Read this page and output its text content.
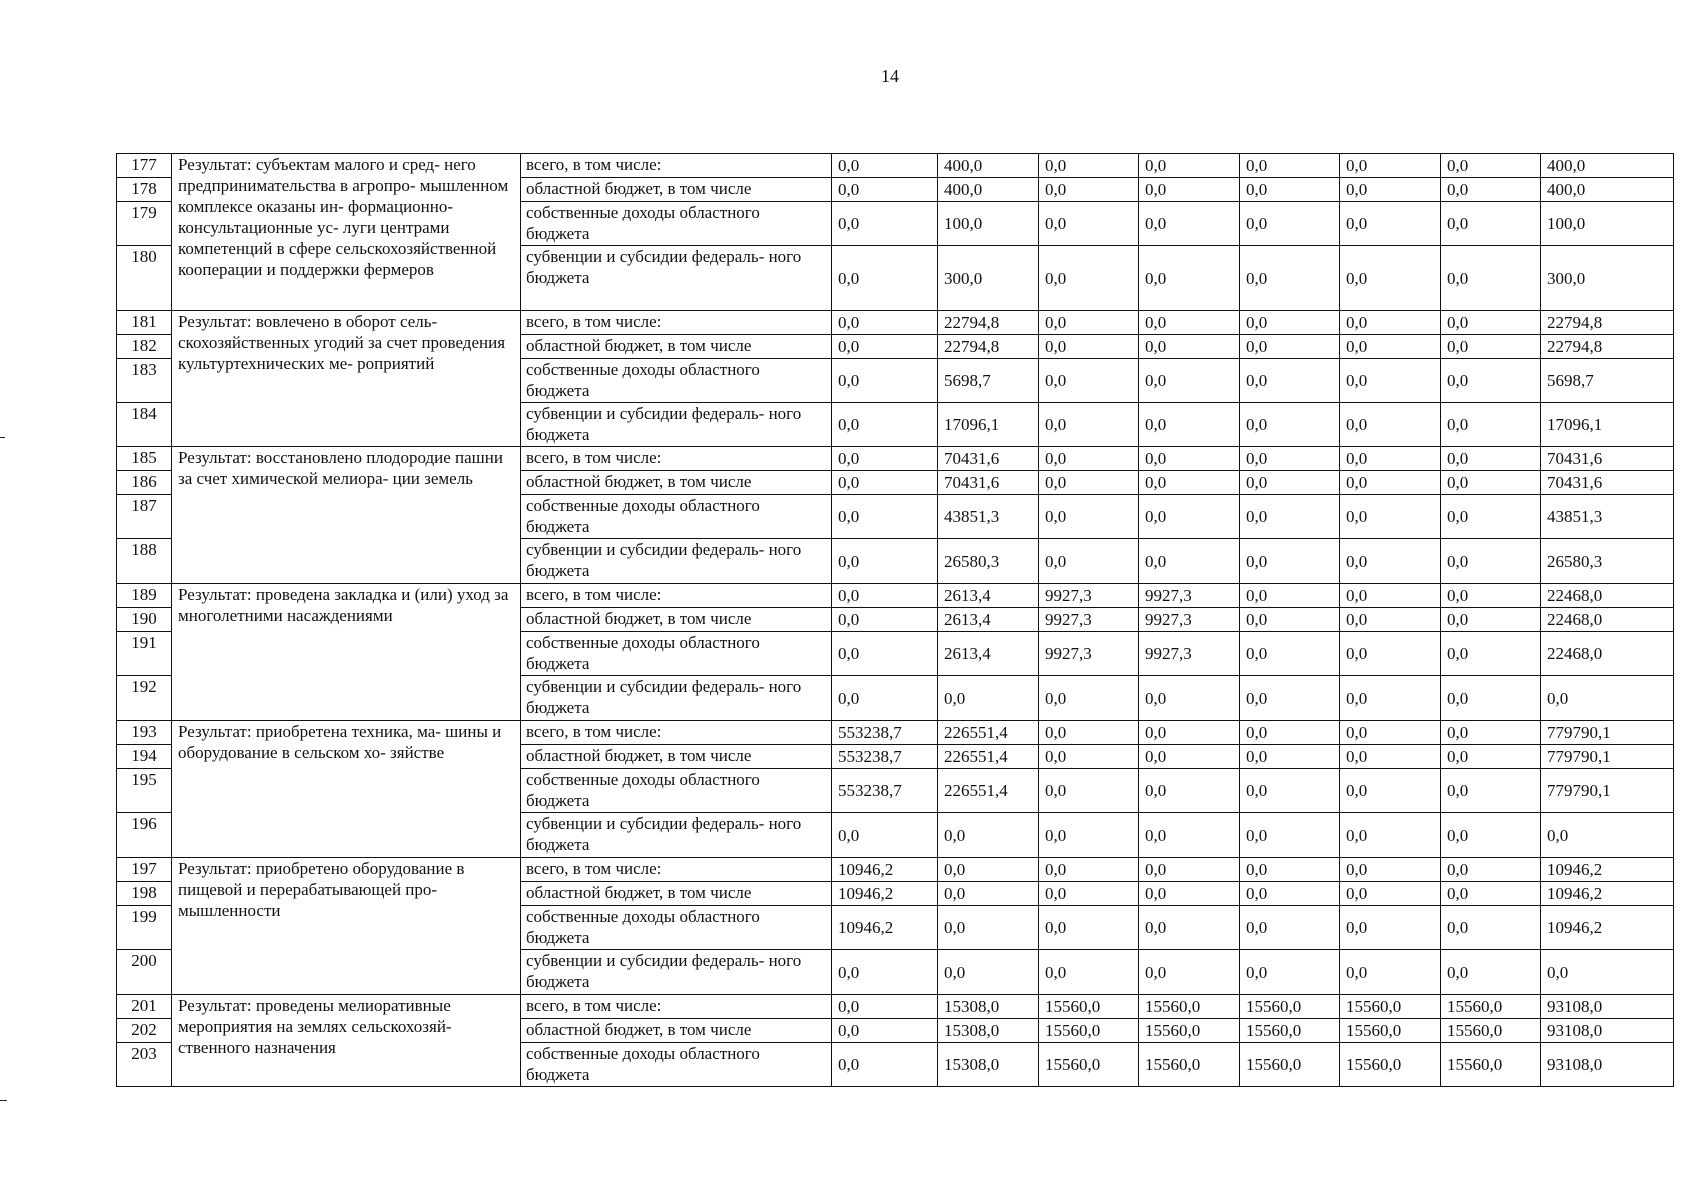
14
177	Результат: субъектам малого и сред- него предпринимательства в агропро- мышленном комплексе оказаны ин- формационно-консультационные ус- луги центрами компетенций в сфере сельскохозяйственной кооперации и поддержки фермеров	всего, в том числе:	0,0	400,0	0,0	0,0	0,0	0,0	0,0	400,0
178		областной бюджет, в том числе	0,0	400,0	0,0	0,0	0,0	0,0	0,0	400,0
179		собственные доходы областного бюджета	0,0	100,0	0,0	0,0	0,0	0,0	0,0	100,0
180		субвенции и субсидии федераль- ного бюджета	0,0	300,0	0,0	0,0	0,0	0,0	0,0	300,0
181	Результат: вовлечено в оборот сель- скохозяйственных угодий за счет проведения культуртехнических ме- роприятий	всего, в том числе:	0,0	22794,8	0,0	0,0	0,0	0,0	0,0	22794,8
182		областной бюджет, в том числе	0,0	22794,8	0,0	0,0	0,0	0,0	0,0	22794,8
183		собственные доходы областного бюджета	0,0	5698,7	0,0	0,0	0,0	0,0	0,0	5698,7
184		субвенции и субсидии федераль- ного бюджета	0,0	17096,1	0,0	0,0	0,0	0,0	0,0	17096,1
185	Результат: восстановлено плодородие пашни за счет химической мелиора- ции земель	всего, в том числе:	0,0	70431,6	0,0	0,0	0,0	0,0	0,0	70431,6
186		областной бюджет, в том числе	0,0	70431,6	0,0	0,0	0,0	0,0	0,0	70431,6
187		собственные доходы областного бюджета	0,0	43851,3	0,0	0,0	0,0	0,0	0,0	43851,3
188		субвенции и субсидии федераль- ного бюджета	0,0	26580,3	0,0	0,0	0,0	0,0	0,0	26580,3
189	Результат: проведена закладка и (или) уход за многолетними насаждениями	всего, в том числе:	0,0	2613,4	9927,3	9927,3	0,0	0,0	0,0	22468,0
190		областной бюджет, в том числе	0,0	2613,4	9927,3	9927,3	0,0	0,0	0,0	22468,0
191		собственные доходы областного бюджета	0,0	2613,4	9927,3	9927,3	0,0	0,0	0,0	22468,0
192		субвенции и субсидии федераль- ного бюджета	0,0	0,0	0,0	0,0	0,0	0,0	0,0	0,0
193	Результат: приобретена техника, ма- шины и оборудование в сельском хо- зяйстве	всего, в том числе:	553238,7	226551,4	0,0	0,0	0,0	0,0	0,0	779790,1
194		областной бюджет, в том числе	553238,7	226551,4	0,0	0,0	0,0	0,0	0,0	779790,1
195		собственные доходы областного бюджета	553238,7	226551,4	0,0	0,0	0,0	0,0	0,0	779790,1
196		субвенции и субсидии федераль- ного бюджета	0,0	0,0	0,0	0,0	0,0	0,0	0,0	0,0
197	Результат: приобретено оборудование в пищевой и перерабатывающей про- мышленности	всего, в том числе:	10946,2	0,0	0,0	0,0	0,0	0,0	0,0	10946,2
198		областной бюджет, в том числе	10946,2	0,0	0,0	0,0	0,0	0,0	0,0	10946,2
199		собственные доходы областного бюджета	10946,2	0,0	0,0	0,0	0,0	0,0	0,0	10946,2
200		субвенции и субсидии федераль- ного бюджета	0,0	0,0	0,0	0,0	0,0	0,0	0,0	0,0
201	Результат: проведены мелиоративные мероприятия на землях сельскохозяй- ственного назначения	всего, в том числе:	0,0	15308,0	15560,0	15560,0	15560,0	15560,0	15560,0	93108,0
202		областной бюджет, в том числе	0,0	15308,0	15560,0	15560,0	15560,0	15560,0	15560,0	93108,0
203		собственные доходы областного бюджета	0,0	15308,0	15560,0	15560,0	15560,0	15560,0	15560,0	93108,0
